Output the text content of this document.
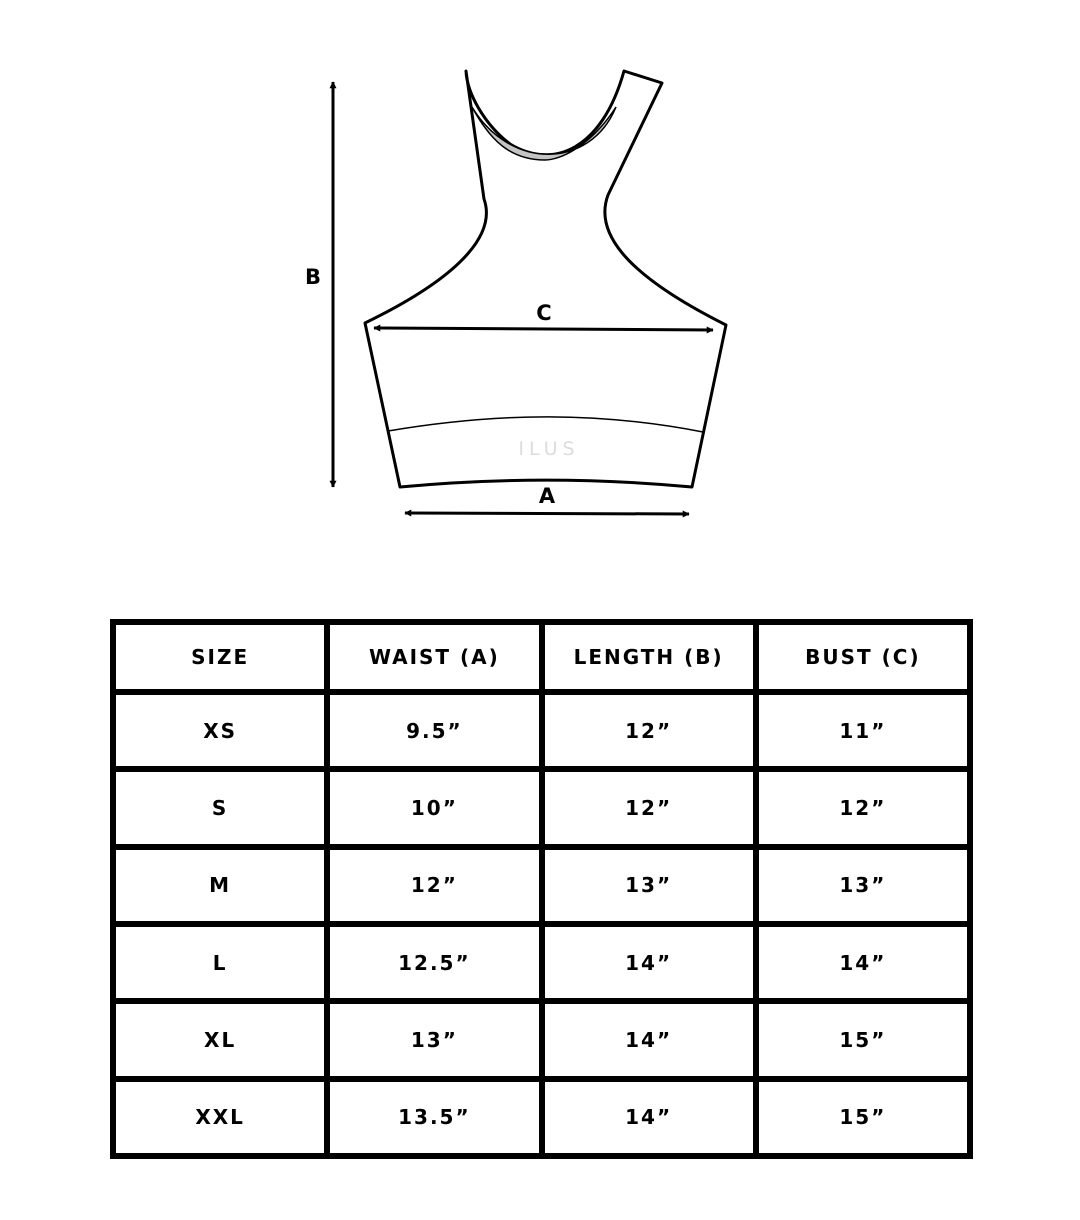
ILUS
B
C
A
SIZE	WAIST (A)	LENGTH (B)	BUST (C)
XS	9.5”	12”	11”
S	10”	12”	12”
M	12”	13”	13”
L	12.5”	14”	14”
XL	13”	14”	15”
XXL	13.5”	14”	15”
